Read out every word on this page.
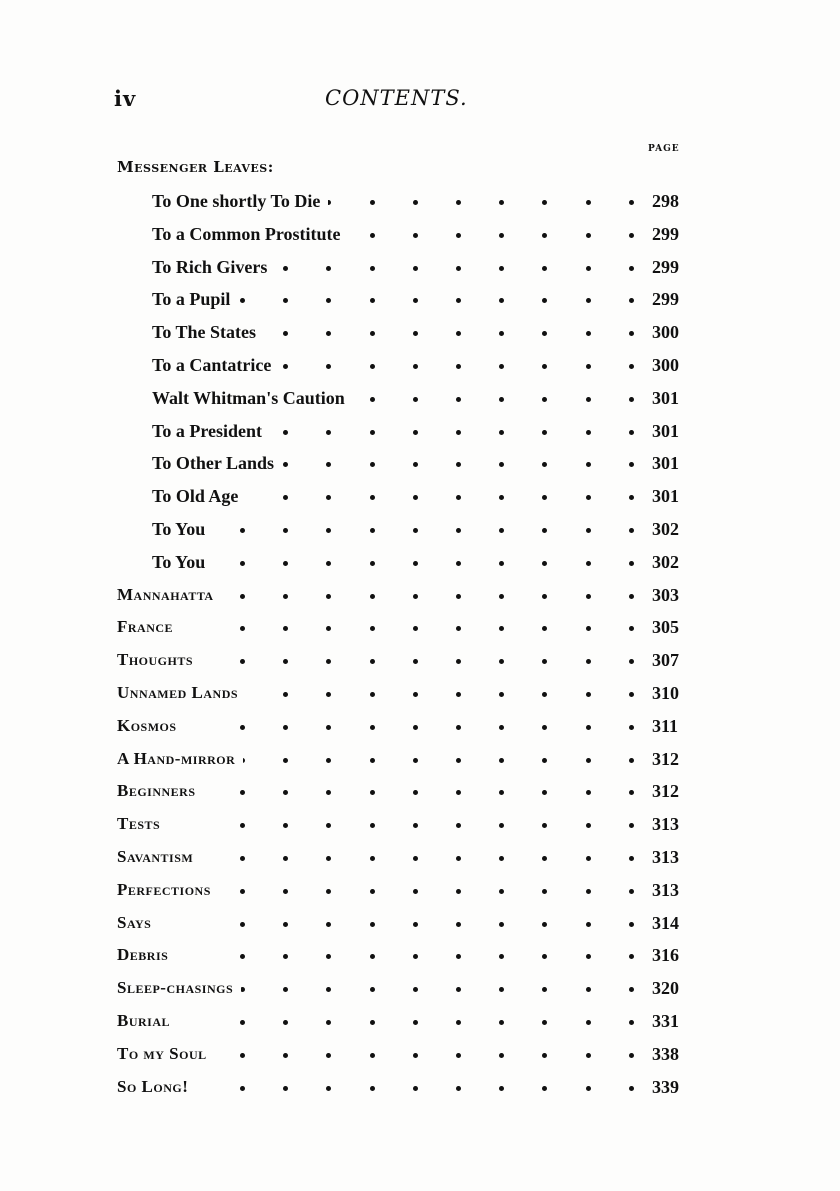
iv	CONTENTS.
PAGE
Messenger Leaves:
To One shortly To Die	298
To a Common Prostitute	299
To Rich Givers	299
To a Pupil	299
To The States	300
To a Cantatrice	300
Walt Whitman's Caution	301
To a President	301
To Other Lands	301
To Old Age	301
To You	302
To You	302
Mannahatta	303
France	305
Thoughts	307
Unnamed Lands	310
Kosmos	311
A Hand-mirror	312
Beginners	312
Tests	313
Savantism	313
Perfections	313
Says	314
Debris	316
Sleep-chasings	320
Burial	331
To my Soul	338
So Long!	339
